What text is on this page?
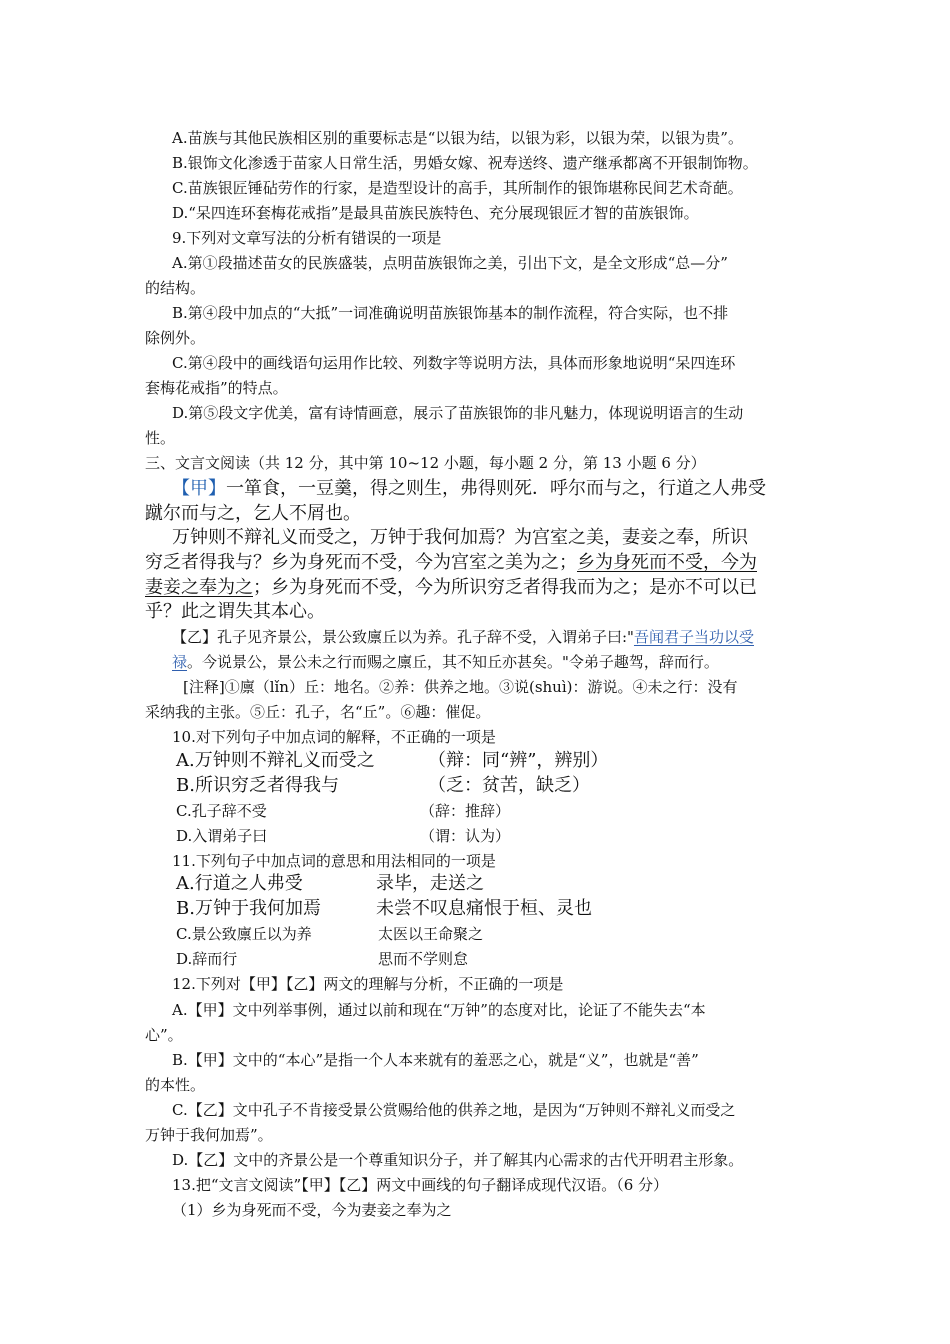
A.苗族与其他民族相区别的重要标志是“以银为结，以银为彩，以银为荣，以银为贵”。
B.银饰文化渗透于苗家人日常生活，男婚女嫁、祝寿送终、遗产继承都离不开银制饰物。
C.苗族银匠锤砧劳作的行家，是造型设计的高手，其所制作的银饰堪称民间艺术奇葩。
D.“呆四连环套梅花戒指”是最具苗族民族特色、充分展现银匠才智的苗族银饰。
9.下列对文章写法的分析有错误的一项是
A.第①段描述苗女的民族盛装，点明苗族银饰之美，引出下文，是全文形成“总—分”
的结构。
B.第④段中加点的“大抵”一词准确说明苗族银饰基本的制作流程，符合实际，也不排
除例外。
C.第④段中的画线语句运用作比较、列数字等说明方法，具体而形象地说明“呆四连环
套梅花戒指”的特点。
D.第⑤段文字优美，富有诗情画意，展示了苗族银饰的非凡魅力，体现说明语言的生动
性。
三、文言文阅读（共 12 分，其中第 10~12 小题，每小题 2 分，第 13 小题 6 分）
【甲】一箪食，一豆羹，得之则生，弗得则死．呼尔而与之，行道之人弗受
蹴尔而与之，乞人不屑也。
万钟则不辩礼义而受之，万钟于我何加焉？为宫室之美，妻妾之奉，所识
穷乏者得我与？乡为身死而不受，今为宫室之美为之；乡为身死而不受，今为
妻妾之奉为之；乡为身死而不受，今为所识穷乏者得我而为之；是亦不可以已
乎？此之谓失其本心。
【乙】孔子见齐景公，景公致廪丘以为养。孔子辞不受，入谓弟子曰:"吾闻君子当功以受
禄。今说景公，景公未之行而赐之廪丘，其不知丘亦甚矣。"令弟子趣驾，辞而行。
[注释]①廪（lǐn）丘：地名。②养：供养之地。③说(shuì)：游说。④未之行：没有
采纳我的主张。⑤丘：孔子，名“丘”。⑥趣：催促。
10.对下列句子中加点词的解释，不正确的一项是
A.万钟则不辩礼义而受之	（辩：同“辨”，辨别）
B.所识穷乏者得我与	（乏：贫苦，缺乏）
C.孔子辞不受	（辞：推辞）
D.入谓弟子曰	（谓：认为）
11.下列句子中加点词的意思和用法相同的一项是
A.行道之人弗受	录毕，走送之
B.万钟于我何加焉	未尝不叹息痛恨于桓、灵也
C.景公致廪丘以为养	太医以王命聚之
D.辞而行	思而不学则怠
12.下列对【甲】【乙】两文的理解与分析，不正确的一项是
A.【甲】文中列举事例，通过以前和现在“万钟”的态度对比，论证了不能失去“本
心”。
B.【甲】文中的“本心”是指一个人本来就有的羞恶之心，就是“义”，也就是“善”
的本性。
C.【乙】文中孔子不肯接受景公赏赐给他的供养之地，是因为“万钟则不辩礼义而受之
万钟于我何加焉”。
D.【乙】文中的齐景公是一个尊重知识分子，并了解其内心需求的古代开明君主形象。
13.把“文言文阅读”【甲】【乙】两文中画线的句子翻译成现代汉语。（6 分）
（1）乡为身死而不受，今为妻妾之奉为之
